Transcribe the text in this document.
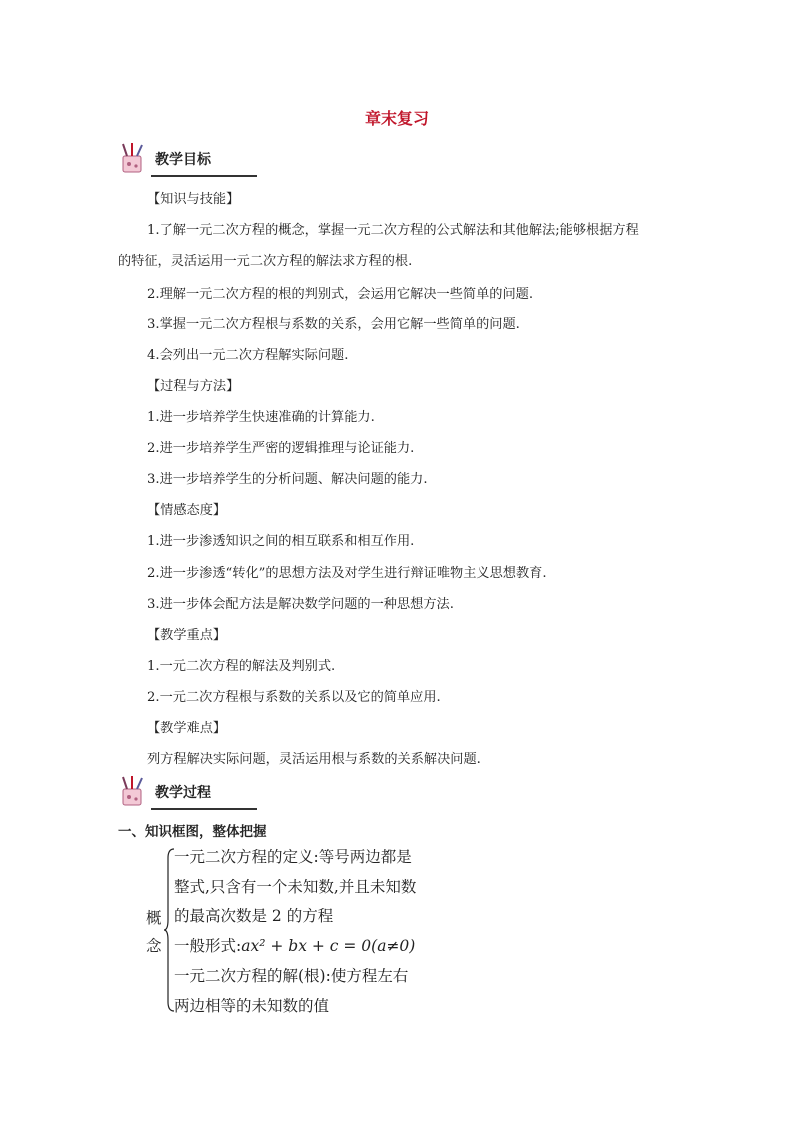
章末复习
教学目标
【知识与技能】
1.了解一元二次方程的概念，掌握一元二次方程的公式解法和其他解法;能够根据方程
的特征，灵活运用一元二次方程的解法求方程的根.
2.理解一元二次方程的根的判别式，会运用它解决一些简单的问题.
3.掌握一元二次方程根与系数的关系，会用它解一些简单的问题.
4.会列出一元二次方程解实际问题.
【过程与方法】
1.进一步培养学生快速准确的计算能力.
2.进一步培养学生严密的逻辑推理与论证能力.
3.进一步培养学生的分析问题、解决问题的能力.
【情感态度】
1.进一步渗透知识之间的相互联系和相互作用.
2.进一步渗透“转化”的思想方法及对学生进行辩证唯物主义思想教育.
3.进一步体会配方法是解决数学问题的一种思想方法.
【教学重点】
1.一元二次方程的解法及判别式.
2.一元二次方程根与系数的关系以及它的简单应用.
【教学难点】
列方程解决实际问题，灵活运用根与系数的关系解决问题.
教学过程
一、知识框图，整体把握
概
念
一元二次方程的定义:等号两边都是
整式,只含有一个未知数,并且未知数
的最高次数是 2 的方程
一般形式:ax² + bx + c = 0(a≠0)
一元二次方程的解(根):使方程左右
两边相等的未知数的值
